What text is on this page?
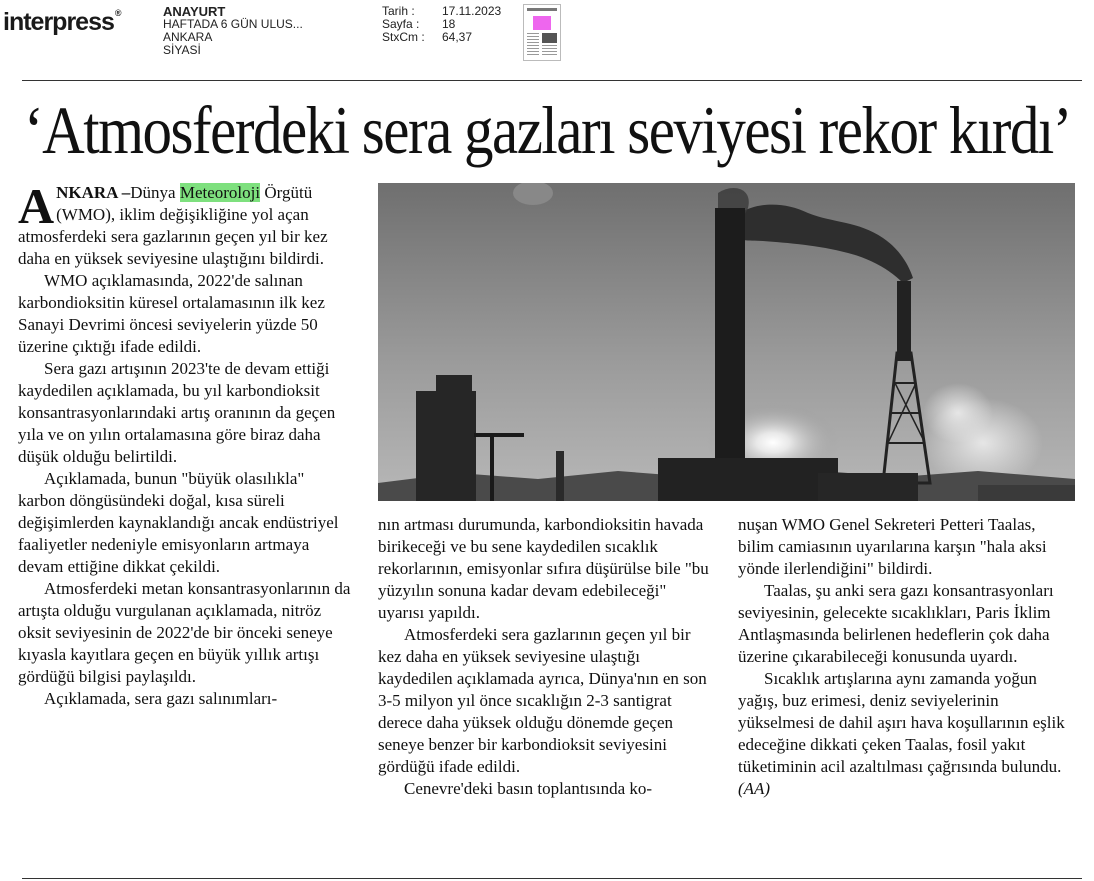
interpress®	ANAYURT
HAFTADA 6 GÜN ULUS...
ANKARA
SİYASİ
Tarih :	17.11.2023
Sayfa :	18
StxCm :	64,37
‘Atmosferdeki sera gazları seviyesi rekor kırdı’

ANKARA –Dünya Meteoroloji Örgütü (WMO), iklim değişikliğine yol açan atmosferdeki sera gazlarının geçen yıl bir kez daha en yüksek seviyesine ulaştığını bildirdi.

WMO açıklamasında, 2022'de salınan karbondioksitin küresel ortalamasının ilk kez Sanayi Devrimi öncesi seviyelerin yüzde 50 üzerine çıktığı ifade edildi.

Sera gazı artışının 2023'te de devam ettiği kaydedilen açıklamada, bu yıl karbondioksit konsantrasyonlarındaki artış oranının da geçen yıla ve on yılın ortalamasına göre biraz daha düşük olduğu belirtildi.

Açıklamada, bunun "büyük olasılıkla" karbon döngüsündeki doğal, kısa süreli değişimlerden kaynaklandığı ancak endüstriyel faaliyetler nedeniyle emisyonların artmaya devam ettiğine dikkat çekildi.

Atmosferdeki metan konsantrasyonlarının da artışta olduğu vurgulanan açıklamada, nitröz oksit seviyesinin de 2022'de bir önceki seneye kıyasla kayıtlara geçen en büyük yıllık artışı gördüğü bilgisi paylaşıldı.

Açıklamada, sera gazı salınımları-

nın artması durumunda, karbondioksitin havada birikeceği ve bu sene kaydedilen sıcaklık rekorlarının, emisyonlar sıfıra düşürülse bile "bu yüzyılın sonuna kadar devam edebileceği" uyarısı yapıldı.

Atmosferdeki sera gazlarının geçen yıl bir kez daha en yüksek seviyesine ulaştığı kaydedilen açıklamada ayrıca, Dünya'nın en son 3-5 milyon yıl önce sıcaklığın 2-3 santigrat derece daha yüksek olduğu dönemde geçen seneye benzer bir karbondioksit seviyesini gördüğü ifade edildi.

Cenevre'deki basın toplantısında ko-

nuşan WMO Genel Sekreteri Petteri Taalas, bilim camiasının uyarılarına karşın "hala aksi yönde ilerlendiğini" bildirdi.

Taalas, şu anki sera gazı konsantrasyonları seviyesinin, gelecekte sıcaklıkları, Paris İklim Antlaşmasında belirlenen hedeflerin çok daha üzerine çıkarabileceği konusunda uyardı.

Sıcaklık artışlarına aynı zamanda yoğun yağış, buz erimesi, deniz seviyelerinin yükselmesi de dahil aşırı hava koşullarının eşlik edeceğine dikkati çeken Taalas, fosil yakıt tüketiminin acil azaltılması çağrısında bulundu. (AA)
